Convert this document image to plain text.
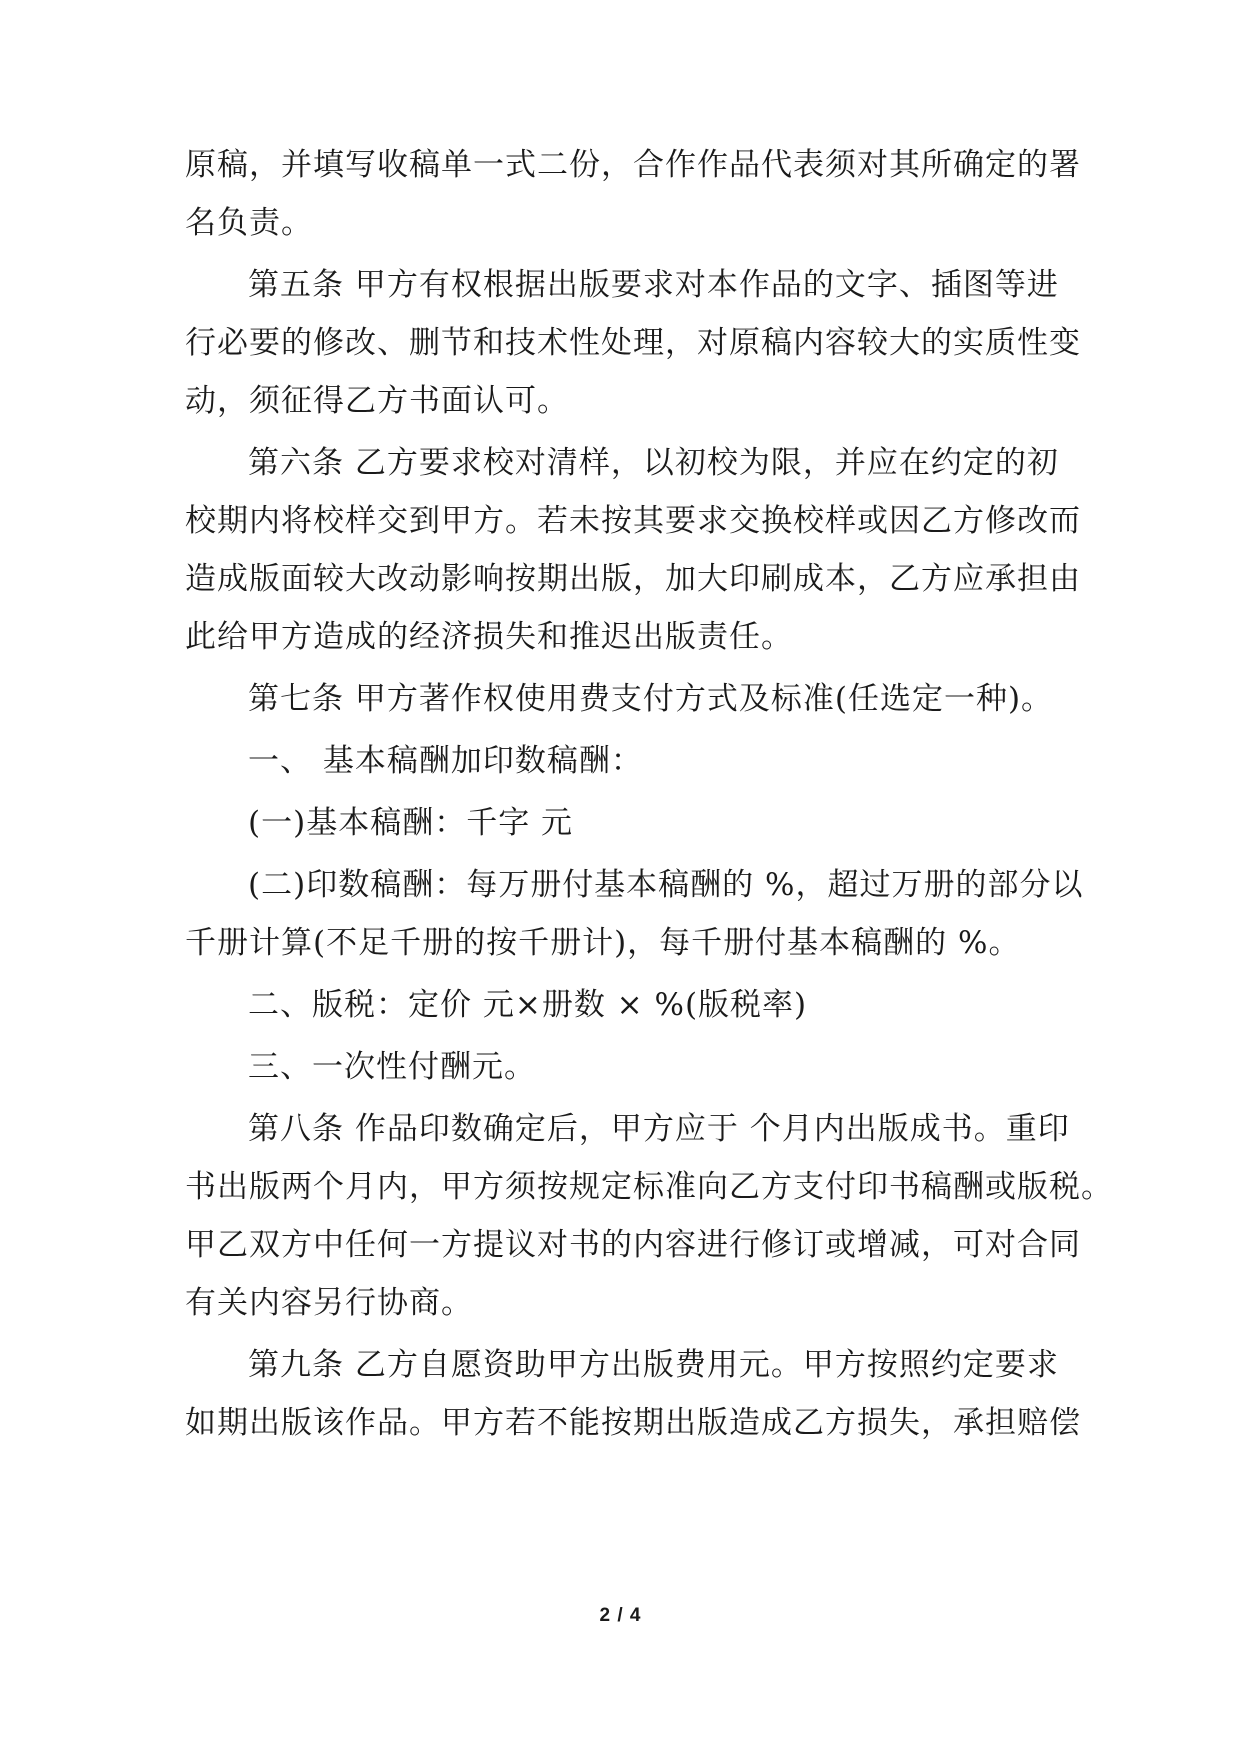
原稿，并填写收稿单一式二份，合作作品代表须对其所确定的署
名负责。
第五条 甲方有权根据出版要求对本作品的文字、插图等进
行必要的修改、删节和技术性处理，对原稿内容较大的实质性变
动，须征得乙方书面认可。
第六条 乙方要求校对清样，以初校为限，并应在约定的初
校期内将校样交到甲方。若未按其要求交换校样或因乙方修改而
造成版面较大改动影响按期出版，加大印刷成本，乙方应承担由
此给甲方造成的经济损失和推迟出版责任。
第七条 甲方著作权使用费支付方式及标准(任选定一种)。
一、 基本稿酬加印数稿酬：
(一)基本稿酬：千字 元
(二)印数稿酬：每万册付基本稿酬的 %，超过万册的部分以
千册计算(不足千册的按千册计)，每千册付基本稿酬的 %。
二、版税：定价 元×册数 × %(版税率)
三、一次性付酬元。
第八条 作品印数确定后，甲方应于 个月内出版成书。重印
书出版两个月内，甲方须按规定标准向乙方支付印书稿酬或版税。
甲乙双方中任何一方提议对书的内容进行修订或增减，可对合同
有关内容另行协商。
第九条 乙方自愿资助甲方出版费用元。甲方按照约定要求
如期出版该作品。甲方若不能按期出版造成乙方损失，承担赔偿
2 / 4
